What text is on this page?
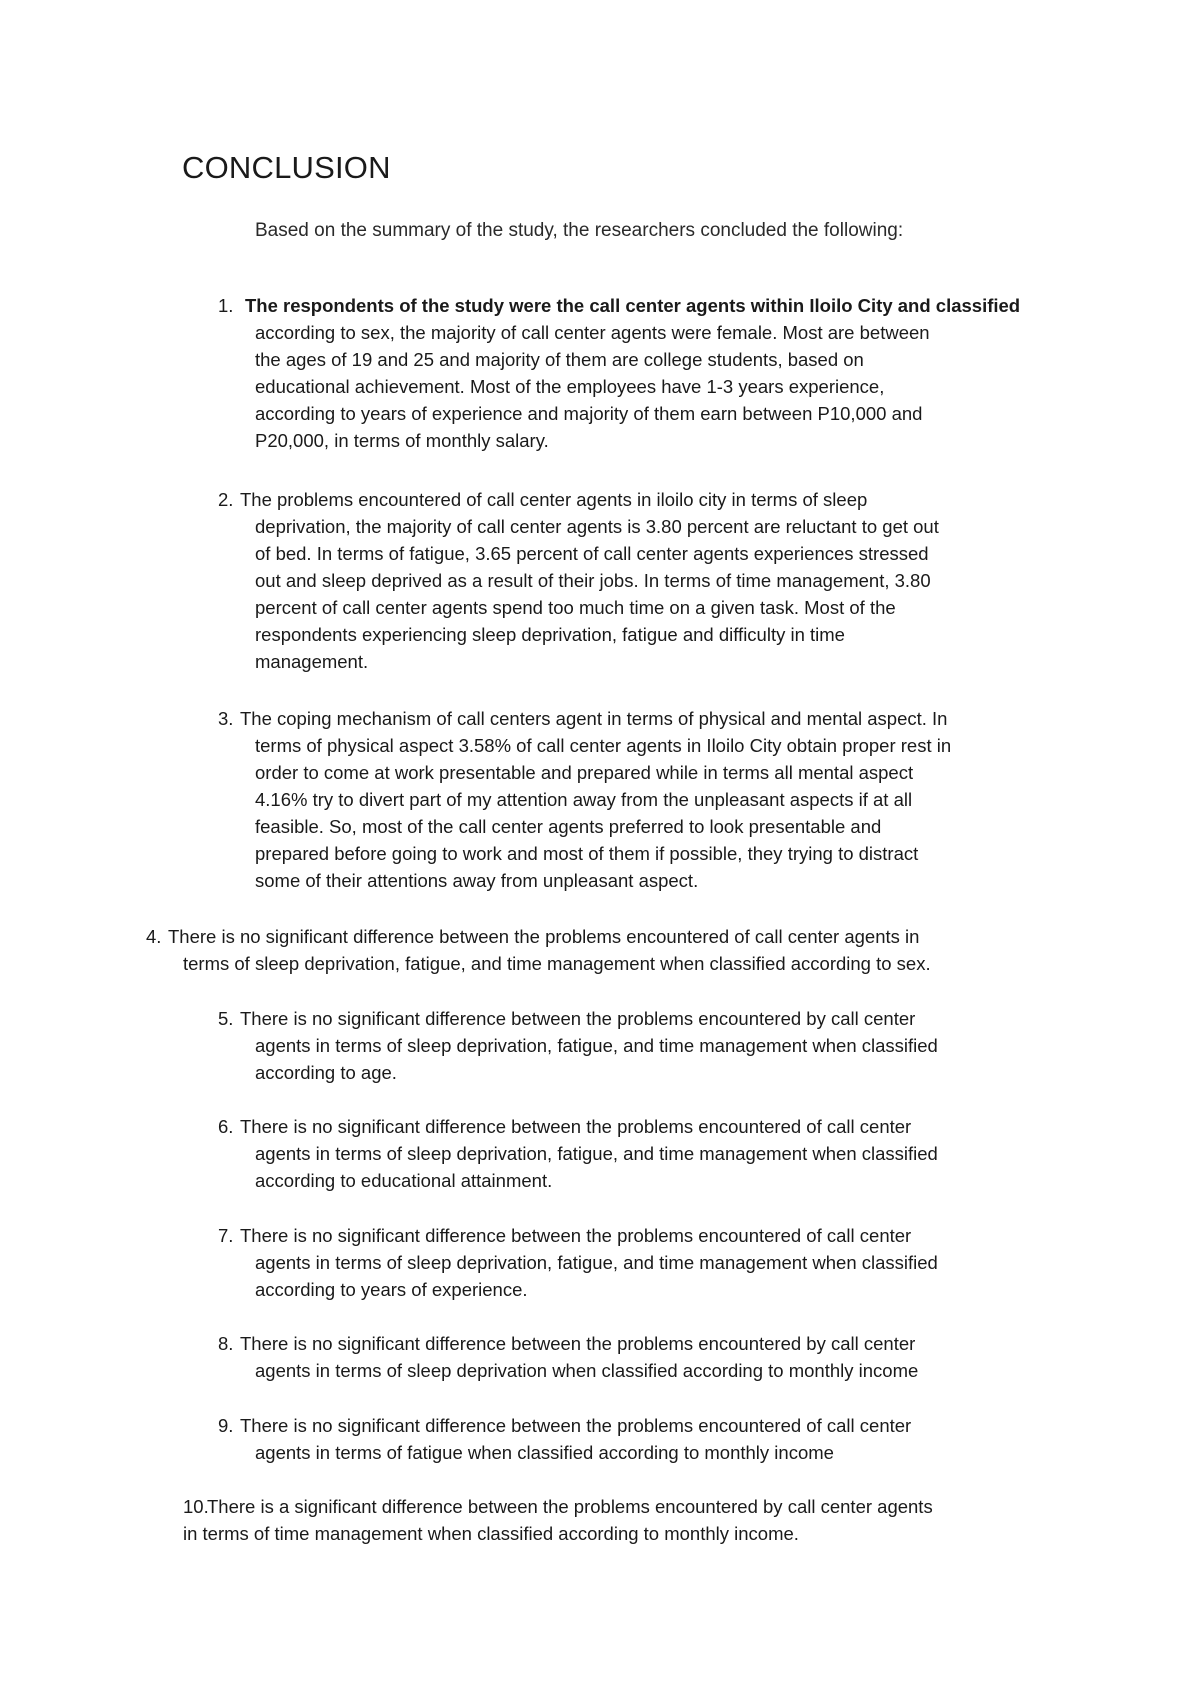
CONCLUSION

Based on the summary of the study, the researchers concluded the following:

1. The respondents of the study were the call center agents within Iloilo City and classified
according to sex, the majority of call center agents were female. Most are between
the ages of 19 and 25 and majority of them are college students, based on
educational achievement. Most of the employees have 1-3 years experience,
according to years of experience and majority of them earn between P10,000 and
P20,000, in terms of monthly salary.
2. The problems encountered of call center agents in iloilo city in terms of sleep
deprivation, the majority of call center agents is 3.80 percent are reluctant to get out
of bed. In terms of fatigue, 3.65 percent of call center agents experiences stressed
out and sleep deprived as a result of their jobs. In terms of time management, 3.80
percent of call center agents spend too much time on a given task. Most of the
respondents experiencing sleep deprivation, fatigue and difficulty in time
management.
3. The coping mechanism of call centers agent in terms of physical and mental aspect. In
terms of physical aspect 3.58% of call center agents in Iloilo City obtain proper rest in
order to come at work presentable and prepared while in terms all mental aspect
4.16% try to divert part of my attention away from the unpleasant aspects if at all
feasible. So, most of the call center agents preferred to look presentable and
prepared before going to work and most of them if possible, they trying to distract
some of their attentions away from unpleasant aspect.
4. There is no significant difference between the problems encountered of call center agents in
terms of sleep deprivation, fatigue, and time management when classified according to sex.
5. There is no significant difference between the problems encountered by call center
agents in terms of sleep deprivation, fatigue, and time management when classified
according to age.
6. There is no significant difference between the problems encountered of call center
agents in terms of sleep deprivation, fatigue, and time management when classified
according to educational attainment.
7. There is no significant difference between the problems encountered of call center
agents in terms of sleep deprivation, fatigue, and time management when classified
according to years of experience.
8. There is no significant difference between the problems encountered by call center
agents in terms of sleep deprivation when classified according to monthly income
9. There is no significant difference between the problems encountered of call center
agents in terms of fatigue when classified according to monthly income
10.
There is a significant difference between the problems encountered by call center agents
in terms of time management when classified according to monthly income.
